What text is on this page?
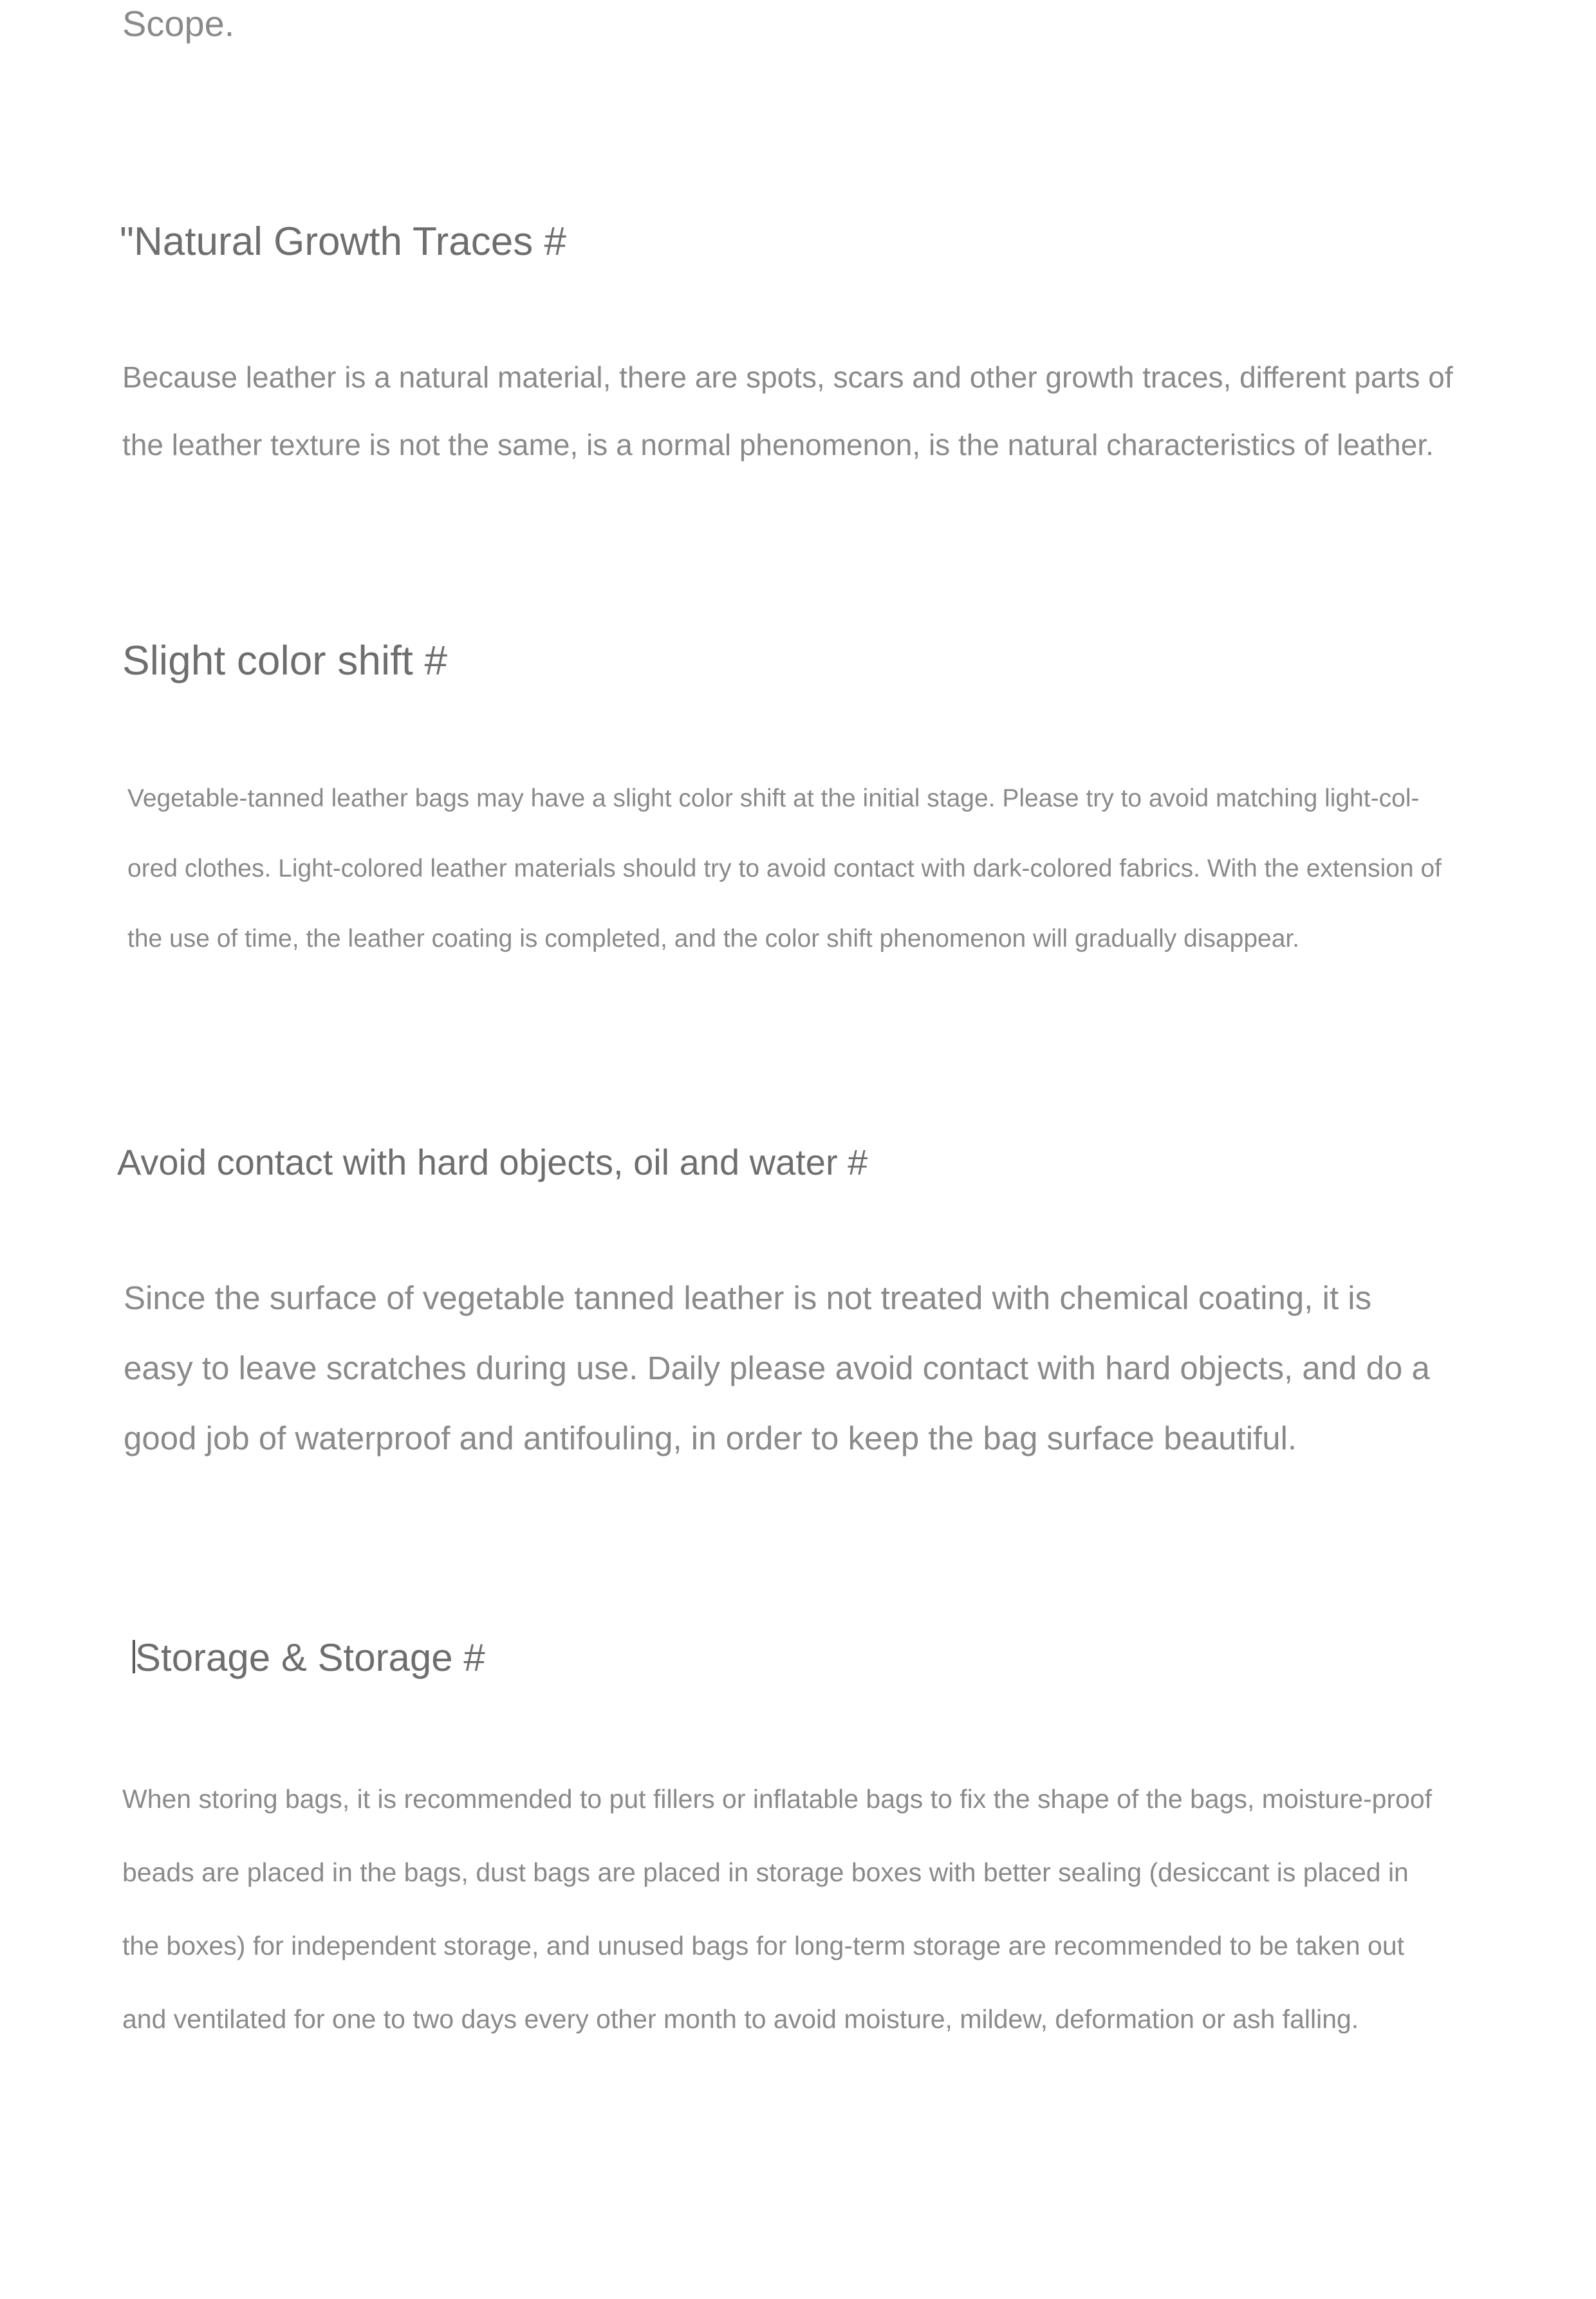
Scope.
"Natural Growth Traces #
Because leather is a natural material, there are spots, scars and other growth traces, different parts of
the leather texture is not the same, is a normal phenomenon, is the natural characteristics of leather.
Slight color shift #
Vegetable-tanned leather bags may have a slight color shift at the initial stage. Please try to avoid matching light-col-
ored clothes. Light-colored leather materials should try to avoid contact with dark-colored fabrics. With the extension of
the use of time, the leather coating is completed, and the color shift phenomenon will gradually disappear.
Avoid contact with hard objects, oil and water #
Since the surface of vegetable tanned leather is not treated with chemical coating, it is
easy to leave scratches during use. Daily please avoid contact with hard objects, and do a
good job of waterproof and antifouling, in order to keep the bag surface beautiful.
Storage & Storage #
When storing bags, it is recommended to put fillers or inflatable bags to fix the shape of the bags, moisture-proof
beads are placed in the bags, dust bags are placed in storage boxes with better sealing (desiccant is placed in
the boxes) for independent storage, and unused bags for long-term storage are recommended to be taken out
and ventilated for one to two days every other month to avoid moisture, mildew, deformation or ash falling.
